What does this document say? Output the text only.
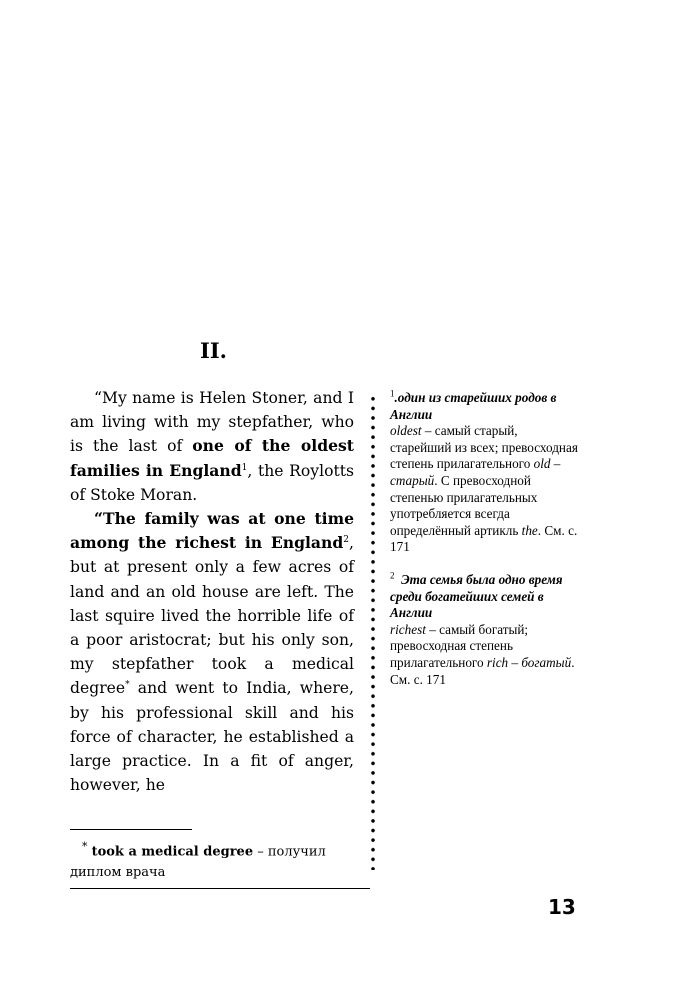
II.

“My name is Helen Stoner, and I am living with my stepfather, who is the last of one of the oldest families in England$^1$, the Roylotts of Stoke Moran.

“The family was at one time among the richest in England$^2$, but at present only a few acres of land and an old house are left. The last squire lived the horrible life of a poor aristocrat; but his only son, my stepfather took a medical degree* and went to India, where, by his professional skill and his force of character, he established a large practice. In a fit of anger, however, he

* took a medical degree – получил диплом врача

$^1$.один из старейших родов в Англии
oldest – самый старый, старейший из всех; превосходная степень прилагательного old – старый. С превосходной степенью прилагательных употребляется всегда определённый артикль the. См. с. 171

$^2$ Эта семья была одно время среди богатейших семей в Англии
richest – самый богатый; превосходная степень прилагательного rich – богатый. См. с. 171

13
